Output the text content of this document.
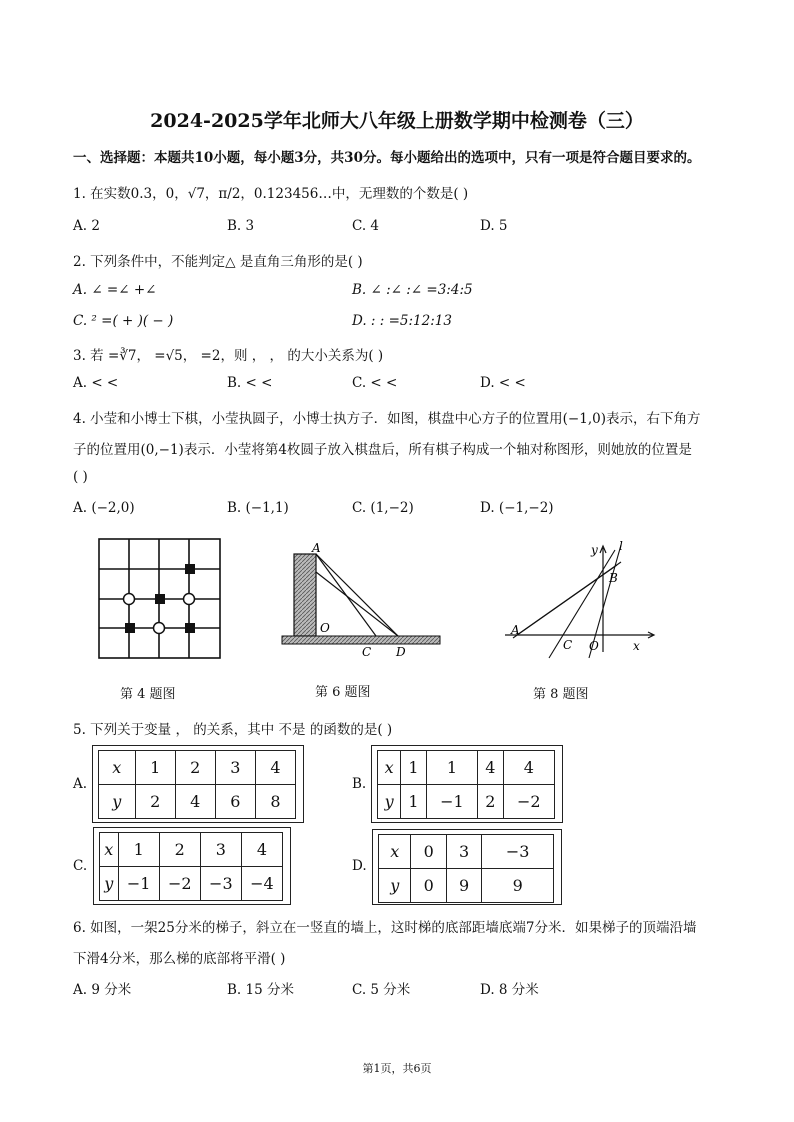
2024-2025学年北师大八年级上册数学期中检测卷（三）
一、选择题：本题共10小题，每小题3分，共30分。每小题给出的选项中，只有一项是符合题目要求的。
1. 在实数0.3，0，√7，π/2，0.123456…中，无理数的个数是( )
A. 2	B. 3	C. 4	D. 5
2. 下列条件中，不能判定△ 是直角三角形的是( )
A. ∠ =∠ +∠	B. ∠ :∠ :∠ =3:4:5
C. ² =( + )( − )	D. : : =5:12:13
3. 若 =∛7， =√5， =2，则 ， ， 的大小关系为( )
A. < <	B. < <	C. < <	D. < <
4. 小莹和小博士下棋，小莹执圆子，小博士执方子．如图，棋盘中心方子的位置用(−1,0)表示，右下角方
子的位置用(0,−1)表示．小莹将第4枚圆子放入棋盘后，所有棋子构成一个轴对称图形，则她放的位置是
( )
A. (−2,0)	B. (−1,1)	C. (1,−2)	D. (−1,−2)
第 4 题图
A
O
C D
第 6 题图
y l
B
A
C O	x
第 8 题图
5. 下列关于变量 ， 的关系，其中 不是 的函数的是( )
A.
x	1	2	3	4
y	2	4	6	8
B.
x	1	1	4	4
y	1	−1	2	−2
C.
x	1	2	3	4
y	−1	−2	−3	−4
D.
x	0	3	−3
y	0	9	9
6. 如图，一架25分米的梯子，斜立在一竖直的墙上，这时梯的底部距墙底端7分米．如果梯子的顶端沿墙
下滑4分米，那么梯的底部将平滑( )
A. 9 分米	B. 15 分米	C. 5 分米	D. 8 分米
第1页，共6页
